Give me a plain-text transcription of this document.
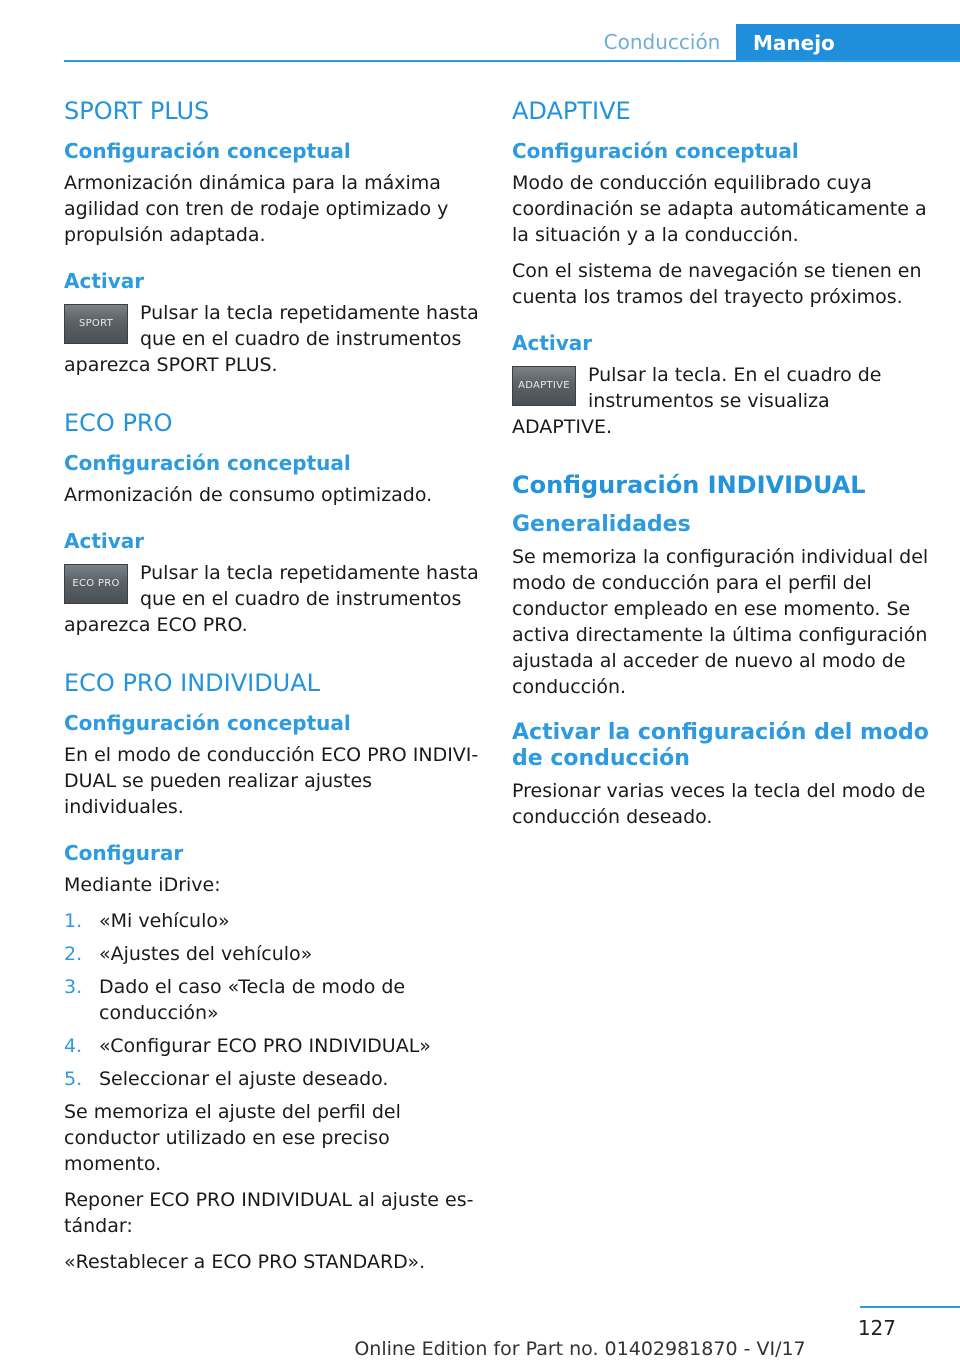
Conducción	Manejo
SPORT PLUS
Configuración conceptual

Armonización dinámica para la máxima agilidad con tren de rodaje optimizado y propulsión adaptada.

Activar
SPORT	Pulsar la tecla repetidamente hasta que en el cuadro de instrumentos aparezca SPORT PLUS.

ECO PRO
Configuración conceptual

Armonización de consumo optimizado.

Activar
ECO PRO	Pulsar la tecla repetidamente hasta que en el cuadro de instrumentos aparezca ECO PRO.

ECO PRO INDIVIDUAL
Configuración conceptual

En el modo de conducción ECO PRO INDIVIDUAL se pueden realizar ajustes individuales.

Configurar

Mediante iDrive:

1. «Mi vehículo»
2. «Ajustes del vehículo»
3. Dado el caso «Tecla de modo de conducción»
4. «Configurar ECO PRO INDIVIDUAL»
5. Seleccionar el ajuste deseado.

Se memoriza el ajuste del perfil del conductor utilizado en ese preciso momento.

Reponer ECO PRO INDIVIDUAL al ajuste estándar:

«Restablecer a ECO PRO STANDARD».

ADAPTIVE
Configuración conceptual

Modo de conducción equilibrado cuya coordinación se adapta automáticamente a la situación y a la conducción.

Con el sistema de navegación se tienen en cuenta los tramos del trayecto próximos.

Activar
ADAPTIVE Pulsar la tecla. En el cuadro de instrumentos se visualiza ADAPTIVE.

Configuración INDIVIDUAL
Generalidades

Se memoriza la configuración individual del modo de conducción para el perfil del conductor empleado en ese momento. Se activa directamente la última configuración ajustada al acceder de nuevo al modo de conducción.

Activar la configuración del modo de conducción

Presionar varias veces la tecla del modo de conducción deseado.

127
Online Edition for Part no. 01402981870 - VI/17
